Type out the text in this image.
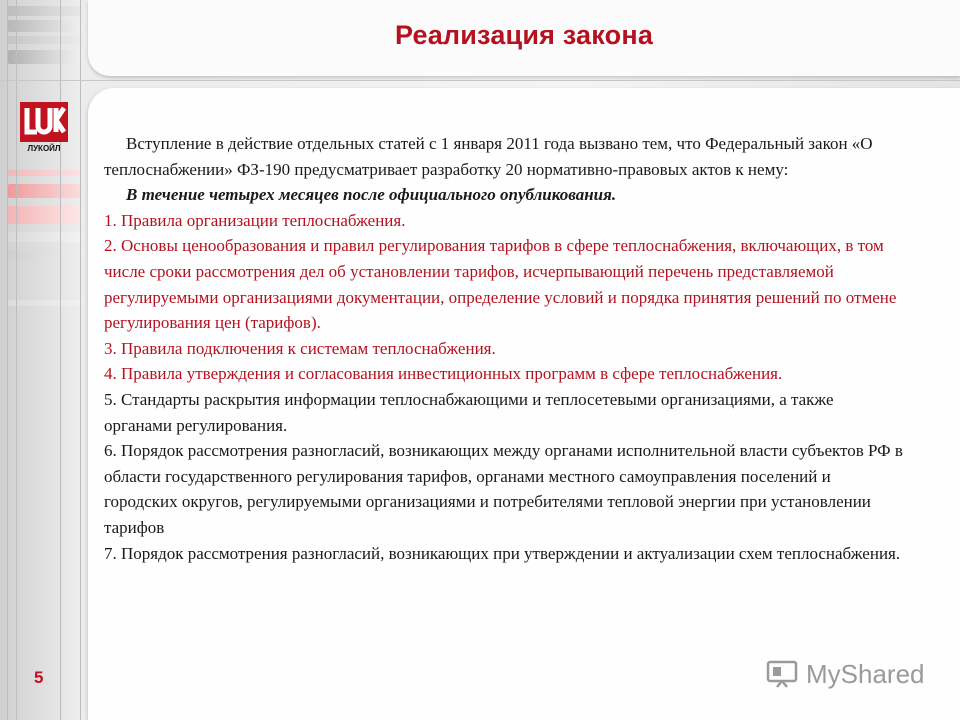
Реализация закона
ЛУКОЙЛ
5

Вступление в действие отдельных статей с 1 января 2011 года вызвано тем, что Федеральный закон «О теплоснабжении» ФЗ-190 предусматривает разработку 20 нормативно-правовых актов к нему:

В течение четырех месяцев после официального опубликования.

1. Правила организации теплоснабжения.

2. Основы ценообразования и правил регулирования тарифов в сфере теплоснабжения, включающих, в том числе сроки рассмотрения дел об установлении тарифов, исчерпывающий перечень представляемой регулируемыми организациями документации, определение условий и порядка принятия решений по отмене регулирования цен (тарифов).

3. Правила подключения к системам теплоснабжения.

4. Правила утверждения и согласования инвестиционных программ в сфере теплоснабжения.

5. Стандарты раскрытия информации теплоснабжающими и теплосетевыми организациями, а также органами регулирования.

6. Порядок рассмотрения разногласий, возникающих между органами исполнительной власти субъектов РФ в области государственного регулирования тарифов, органами местного самоуправления поселений и городских округов, регулируемыми организациями и потребителями тепловой энергии при установлении тарифов

7. Порядок рассмотрения разногласий, возникающих при утверждении и актуализации схем теплоснабжения.

MyShared
